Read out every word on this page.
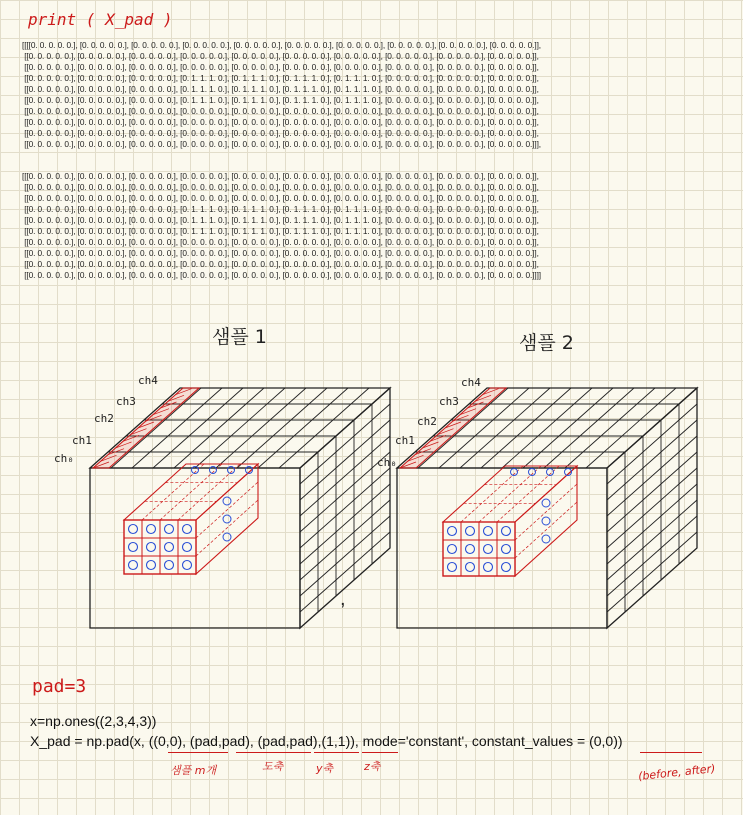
print ( X_pad )
[[[[0. 0. 0. 0. 0.], [0. 0. 0. 0. 0.], [0. 0. 0. 0. 0.], [0. 0. 0. 0. 0.], [0. 0. 0. 0. 0.], [0. 0. 0. 0. 0.], [0. 0. 0. 0. 0.], [0. 0. 0. 0. 0.], [0. 0. 0. 0. 0.], [0. 0. 0. 0. 0.]],
[[0. 0. 0. 0. 0.], [0. 0. 0. 0. 0.], [0. 0. 0. 0. 0.], [0. 0. 0. 0. 0.], [0. 0. 0. 0. 0.], [0. 0. 0. 0. 0.], [0. 0. 0. 0. 0.], [0. 0. 0. 0. 0.], [0. 0. 0. 0. 0.], [0. 0. 0. 0. 0.]],
[[0. 0. 0. 0. 0.], [0. 0. 0. 0. 0.], [0. 0. 0. 0. 0.], [0. 0. 0. 0. 0.], [0. 0. 0. 0. 0.], [0. 0. 0. 0. 0.], [0. 0. 0. 0. 0.], [0. 0. 0. 0. 0.], [0. 0. 0. 0. 0.], [0. 0. 0. 0. 0.]],
[[0. 0. 0. 0. 0.], [0. 0. 0. 0. 0.], [0. 0. 0. 0. 0.], [0. 1. 1. 1. 0.], [0. 1. 1. 1. 0.], [0. 1. 1. 1. 0.], [0. 1. 1. 1. 0.], [0. 0. 0. 0. 0.], [0. 0. 0. 0. 0.], [0. 0. 0. 0. 0.]],
[[0. 0. 0. 0. 0.], [0. 0. 0. 0. 0.], [0. 0. 0. 0. 0.], [0. 1. 1. 1. 0.], [0. 1. 1. 1. 0.], [0. 1. 1. 1. 0.], [0. 1. 1. 1. 0.], [0. 0. 0. 0. 0.], [0. 0. 0. 0. 0.], [0. 0. 0. 0. 0.]],
[[0. 0. 0. 0. 0.], [0. 0. 0. 0. 0.], [0. 0. 0. 0. 0.], [0. 1. 1. 1. 0.], [0. 1. 1. 1. 0.], [0. 1. 1. 1. 0.], [0. 1. 1. 1. 0.], [0. 0. 0. 0. 0.], [0. 0. 0. 0. 0.], [0. 0. 0. 0. 0.]],
[[0. 0. 0. 0. 0.], [0. 0. 0. 0. 0.], [0. 0. 0. 0. 0.], [0. 0. 0. 0. 0.], [0. 0. 0. 0. 0.], [0. 0. 0. 0. 0.], [0. 0. 0. 0. 0.], [0. 0. 0. 0. 0.], [0. 0. 0. 0. 0.], [0. 0. 0. 0. 0.]],
[[0. 0. 0. 0. 0.], [0. 0. 0. 0. 0.], [0. 0. 0. 0. 0.], [0. 0. 0. 0. 0.], [0. 0. 0. 0. 0.], [0. 0. 0. 0. 0.], [0. 0. 0. 0. 0.], [0. 0. 0. 0. 0.], [0. 0. 0. 0. 0.], [0. 0. 0. 0. 0.]],
[[0. 0. 0. 0. 0.], [0. 0. 0. 0. 0.], [0. 0. 0. 0. 0.], [0. 0. 0. 0. 0.], [0. 0. 0. 0. 0.], [0. 0. 0. 0. 0.], [0. 0. 0. 0. 0.], [0. 0. 0. 0. 0.], [0. 0. 0. 0. 0.], [0. 0. 0. 0. 0.]],
[[0. 0. 0. 0. 0.], [0. 0. 0. 0. 0.], [0. 0. 0. 0. 0.], [0. 0. 0. 0. 0.], [0. 0. 0. 0. 0.], [0. 0. 0. 0. 0.], [0. 0. 0. 0. 0.], [0. 0. 0. 0. 0.], [0. 0. 0. 0. 0.], [0. 0. 0. 0. 0.]]],
[[[0. 0. 0. 0. 0.], [0. 0. 0. 0. 0.], [0. 0. 0. 0. 0.], [0. 0. 0. 0. 0.], [0. 0. 0. 0. 0.], [0. 0. 0. 0. 0.], [0. 0. 0. 0. 0.], [0. 0. 0. 0. 0.], [0. 0. 0. 0. 0.], [0. 0. 0. 0. 0.]],
[[0. 0. 0. 0. 0.], [0. 0. 0. 0. 0.], [0. 0. 0. 0. 0.], [0. 0. 0. 0. 0.], [0. 0. 0. 0. 0.], [0. 0. 0. 0. 0.], [0. 0. 0. 0. 0.], [0. 0. 0. 0. 0.], [0. 0. 0. 0. 0.], [0. 0. 0. 0. 0.]],
[[0. 0. 0. 0. 0.], [0. 0. 0. 0. 0.], [0. 0. 0. 0. 0.], [0. 0. 0. 0. 0.], [0. 0. 0. 0. 0.], [0. 0. 0. 0. 0.], [0. 0. 0. 0. 0.], [0. 0. 0. 0. 0.], [0. 0. 0. 0. 0.], [0. 0. 0. 0. 0.]],
[[0. 0. 0. 0. 0.], [0. 0. 0. 0. 0.], [0. 0. 0. 0. 0.], [0. 1. 1. 1. 0.], [0. 1. 1. 1. 0.], [0. 1. 1. 1. 0.], [0. 1. 1. 1. 0.], [0. 0. 0. 0. 0.], [0. 0. 0. 0. 0.], [0. 0. 0. 0. 0.]],
[[0. 0. 0. 0. 0.], [0. 0. 0. 0. 0.], [0. 0. 0. 0. 0.], [0. 1. 1. 1. 0.], [0. 1. 1. 1. 0.], [0. 1. 1. 1. 0.], [0. 1. 1. 1. 0.], [0. 0. 0. 0. 0.], [0. 0. 0. 0. 0.], [0. 0. 0. 0. 0.]],
[[0. 0. 0. 0. 0.], [0. 0. 0. 0. 0.], [0. 0. 0. 0. 0.], [0. 1. 1. 1. 0.], [0. 1. 1. 1. 0.], [0. 1. 1. 1. 0.], [0. 1. 1. 1. 0.], [0. 0. 0. 0. 0.], [0. 0. 0. 0. 0.], [0. 0. 0. 0. 0.]],
[[0. 0. 0. 0. 0.], [0. 0. 0. 0. 0.], [0. 0. 0. 0. 0.], [0. 0. 0. 0. 0.], [0. 0. 0. 0. 0.], [0. 0. 0. 0. 0.], [0. 0. 0. 0. 0.], [0. 0. 0. 0. 0.], [0. 0. 0. 0. 0.], [0. 0. 0. 0. 0.]],
[[0. 0. 0. 0. 0.], [0. 0. 0. 0. 0.], [0. 0. 0. 0. 0.], [0. 0. 0. 0. 0.], [0. 0. 0. 0. 0.], [0. 0. 0. 0. 0.], [0. 0. 0. 0. 0.], [0. 0. 0. 0. 0.], [0. 0. 0. 0. 0.], [0. 0. 0. 0. 0.]],
[[0. 0. 0. 0. 0.], [0. 0. 0. 0. 0.], [0. 0. 0. 0. 0.], [0. 0. 0. 0. 0.], [0. 0. 0. 0. 0.], [0. 0. 0. 0. 0.], [0. 0. 0. 0. 0.], [0. 0. 0. 0. 0.], [0. 0. 0. 0. 0.], [0. 0. 0. 0. 0.]],
[[0. 0. 0. 0. 0.], [0. 0. 0. 0. 0.], [0. 0. 0. 0. 0.], [0. 0. 0. 0. 0.], [0. 0. 0. 0. 0.], [0. 0. 0. 0. 0.], [0. 0. 0. 0. 0.], [0. 0. 0. 0. 0.], [0. 0. 0. 0. 0.], [0. 0. 0. 0. 0.]]]]
샘플 1	샘플 2
ch₀
ch1
ch2
ch3
ch4
ch₀
ch1
ch2
ch3
ch4
,
pad=3
x=np.ones((2,3,4,3))
X_pad = np.pad(x, ((0,0), (pad,pad), (pad,pad),(1,1)), mode='constant', constant_values = (0,0))
샘플 m개	도축	y축	z축	(before, after)
